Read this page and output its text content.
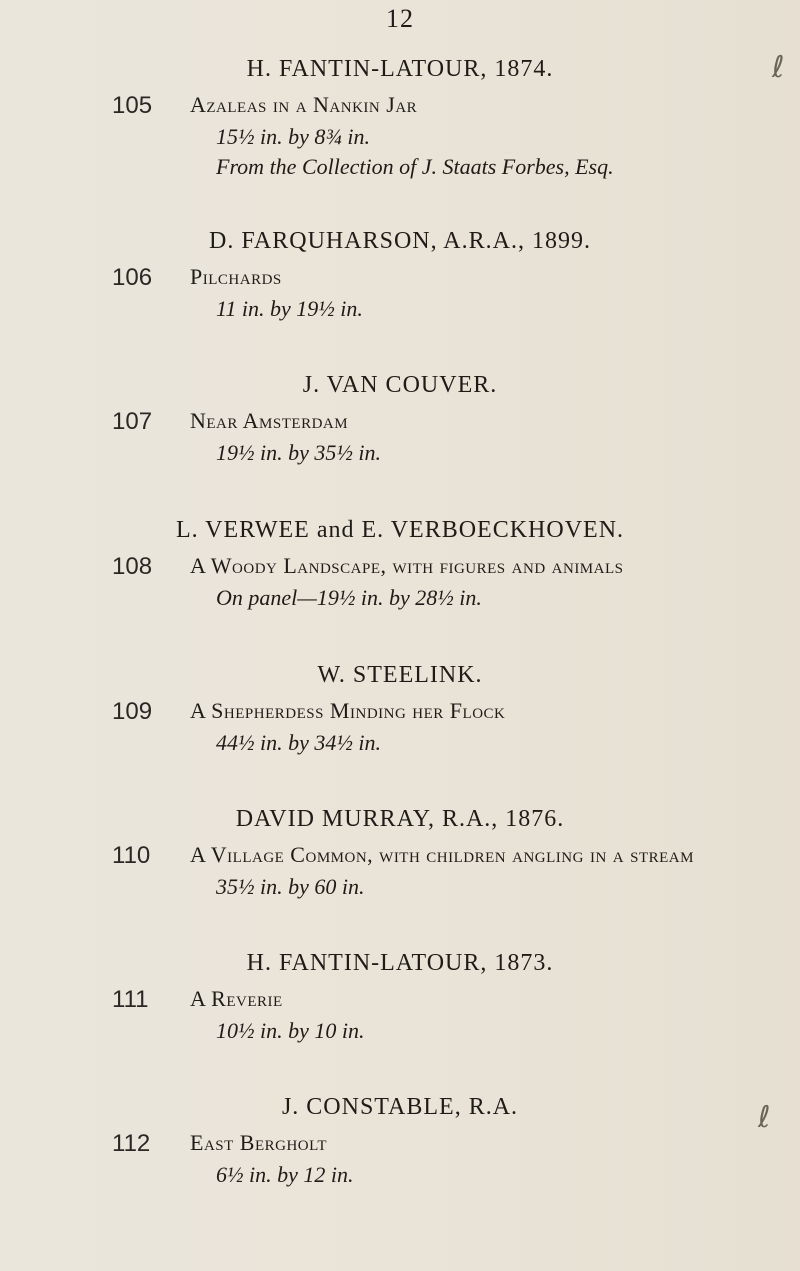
12
H. FANTIN-LATOUR, 1874.
105 Azaleas in a Nankin Jar
15½ in. by 8¾ in.
From the Collection of J. Staats Forbes, Esq.
D. FARQUHARSON, A.R.A., 1899.
106 Pilchards
11 in. by 19½ in.
J. VAN COUVER.
107 Near Amsterdam
19½ in. by 35½ in.
L. VERWEE and E. VERBOECKHOVEN.
108 A Woody Landscape, with figures and animals
On panel—19½ in. by 28½ in.
W. STEELINK.
109 A Shepherdess Minding her Flock
44½ in. by 34½ in.
DAVID MURRAY, R.A., 1876.
110 A Village Common, with children angling in a stream
35½ in. by 60 in.
H. FANTIN-LATOUR, 1873.
111 A Reverie
10½ in. by 10 in.
J. CONSTABLE, R.A.
112 East Bergholt
6½ in. by 12 in.
ℓ
ℓ
